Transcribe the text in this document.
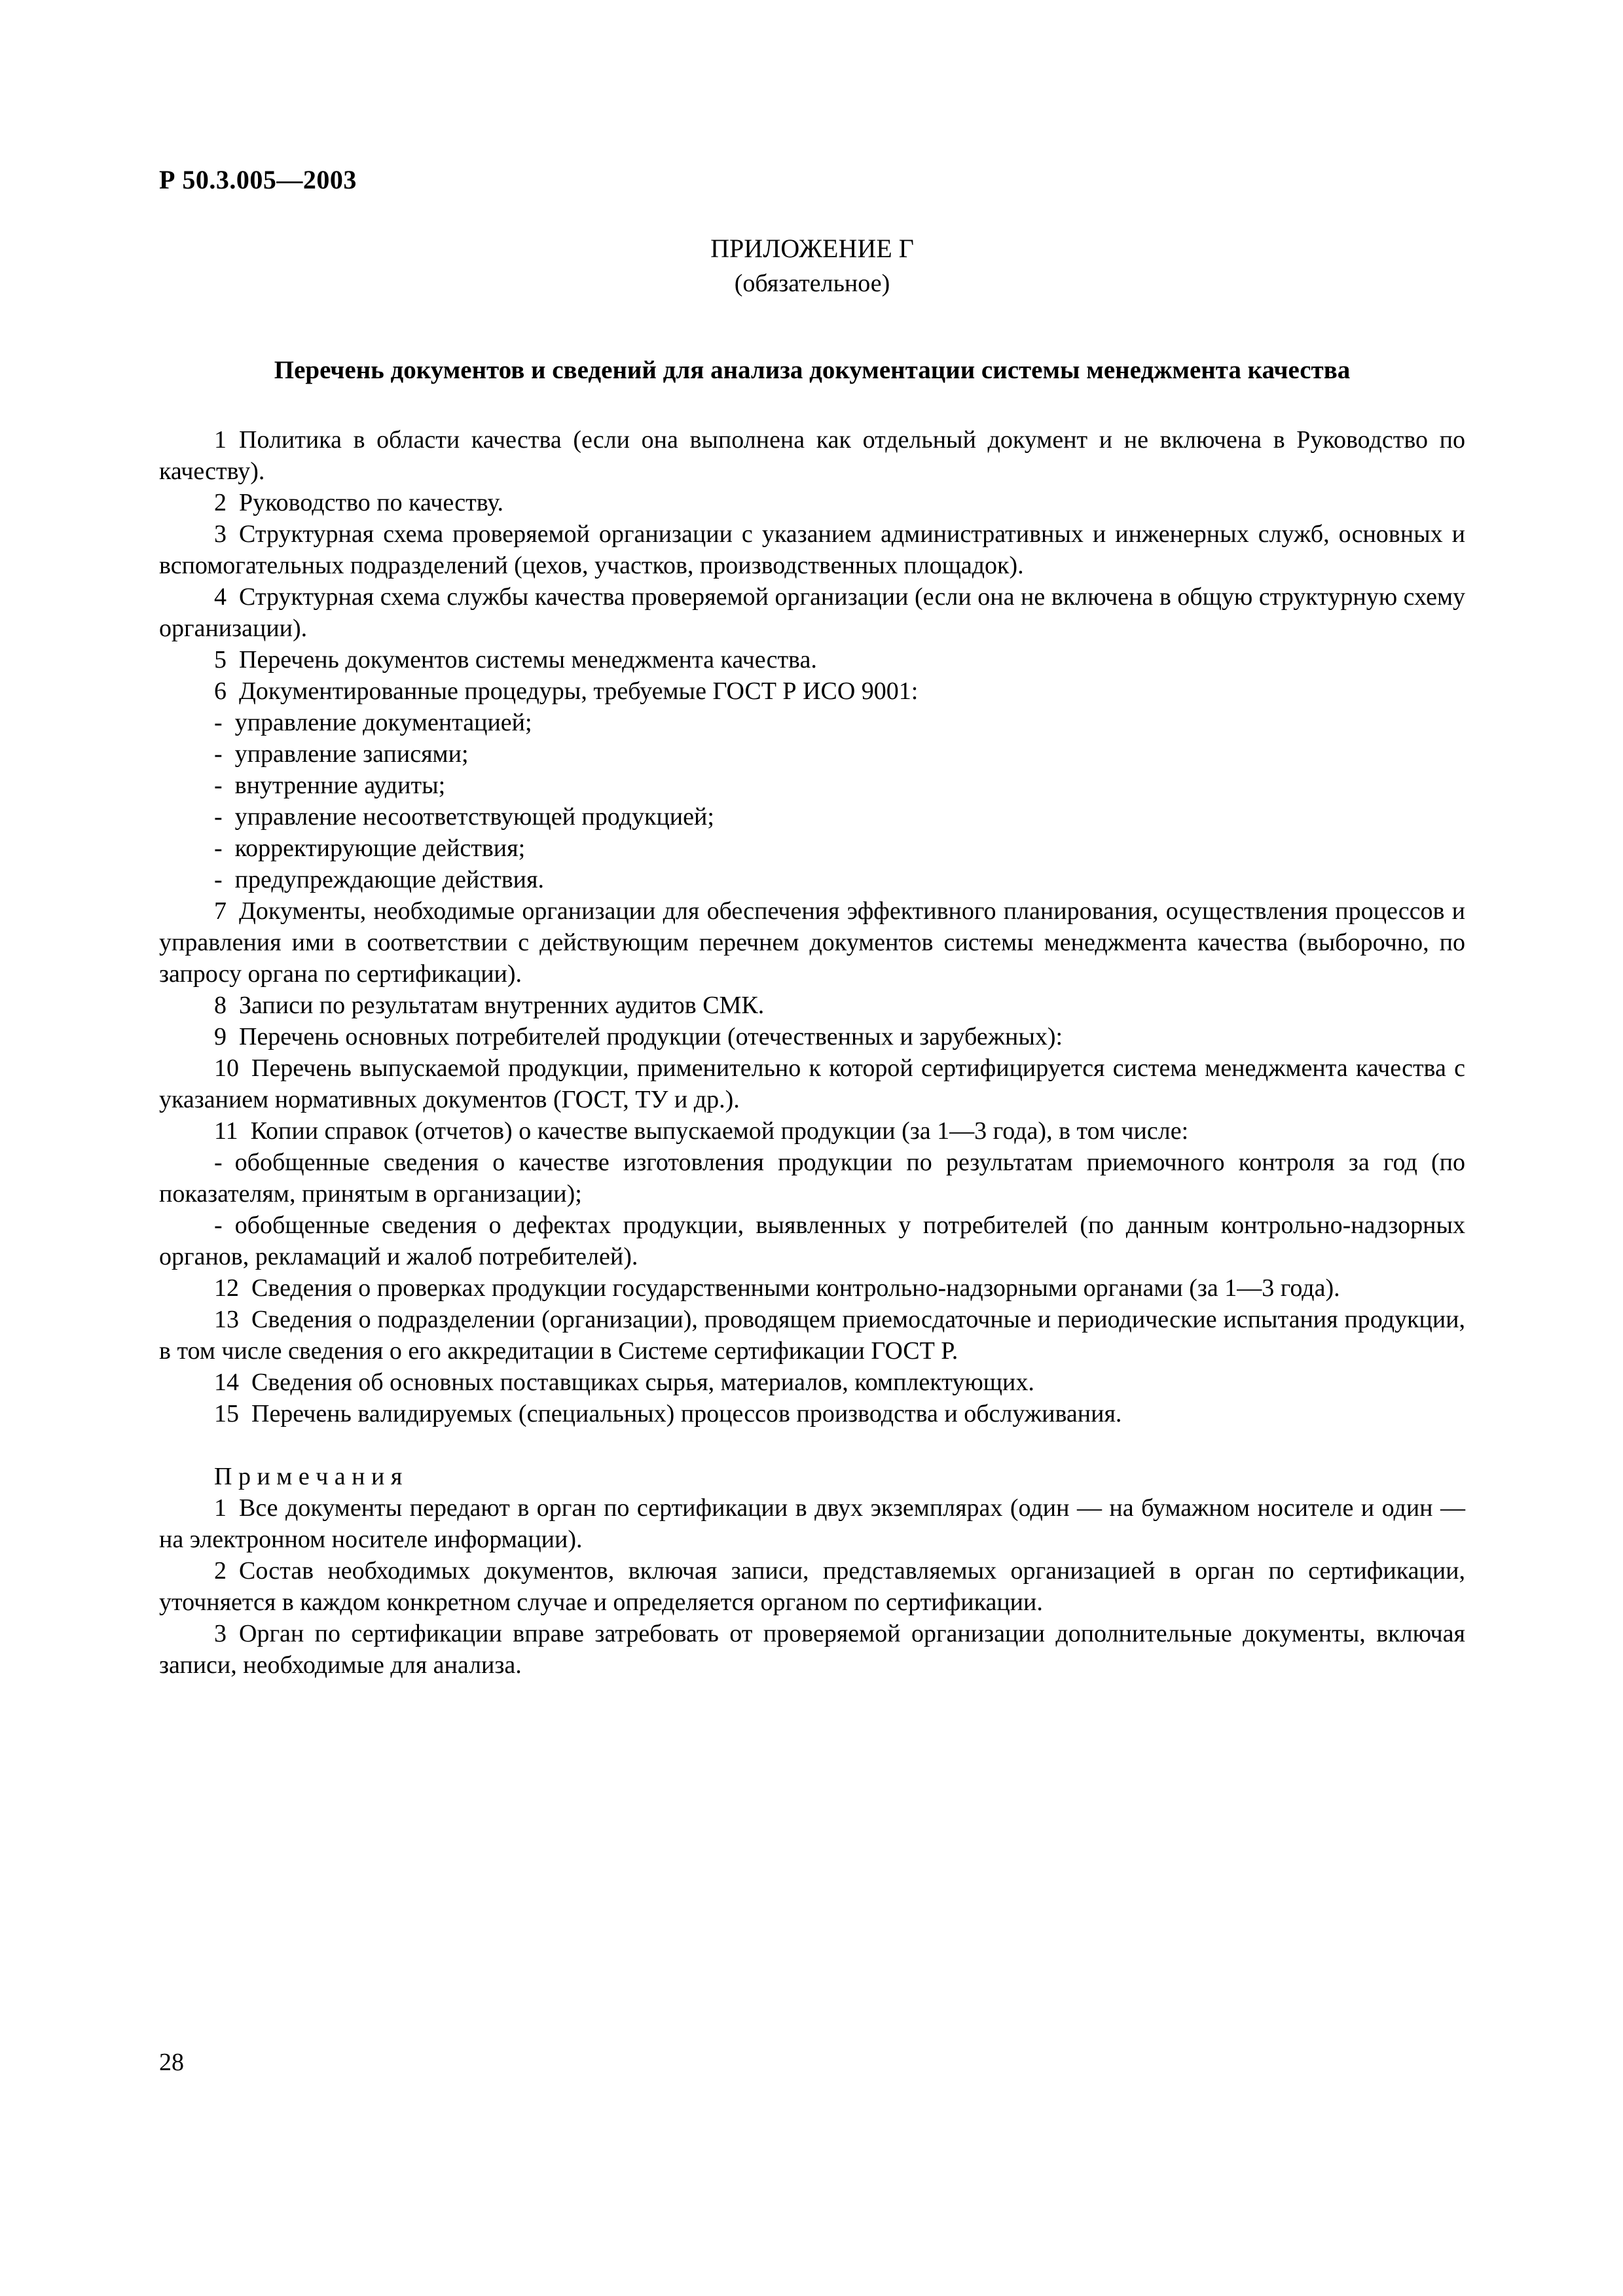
Р 50.3.005—2003
ПРИЛОЖЕНИЕ Г
(обязательное)
Перечень документов и сведений для анализа документации системы менеджмента качества

1 Политика в области качества (если она выполнена как отдельный документ и не включена в Руководство по качеству).

2 Руководство по качеству.

3 Структурная схема проверяемой организации с указанием административных и инженерных служб, основных и вспомогательных подразделений (цехов, участков, производственных площадок).

4 Структурная схема службы качества проверяемой организации (если она не включена в общую структурную схему организации).

5 Перечень документов системы менеджмента качества.

6 Документированные процедуры, требуемые ГОСТ Р ИСО 9001:

- управление документацией;

- управление записями;

- внутренние аудиты;

- управление несоответствующей продукцией;

- корректирующие действия;

- предупреждающие действия.

7 Документы, необходимые организации для обеспечения эффективного планирования, осуществления процессов и управления ими в соответствии с действующим перечнем документов системы менеджмента качества (выборочно, по запросу органа по сертификации).

8 Записи по результатам внутренних аудитов СМК.

9 Перечень основных потребителей продукции (отечественных и зарубежных):

10 Перечень выпускаемой продукции, применительно к которой сертифицируется система менеджмента качества с указанием нормативных документов (ГОСТ, ТУ и др.).

11 Копии справок (отчетов) о качестве выпускаемой продукции (за 1—3 года), в том числе:

- обобщенные сведения о качестве изготовления продукции по результатам приемочного контроля за год (по показателям, принятым в организации);

- обобщенные сведения о дефектах продукции, выявленных у потребителей (по данным контрольно-надзорных органов, рекламаций и жалоб потребителей).

12 Сведения о проверках продукции государственными контрольно-надзорными органами (за 1—3 года).

13 Сведения о подразделении (организации), проводящем приемосдаточные и периодические испытания продукции, в том числе сведения о его аккредитации в Системе сертификации ГОСТ Р.

14 Сведения об основных поставщиках сырья, материалов, комплектующих.

15 Перечень валидируемых (специальных) процессов производства и обслуживания.

П р и м е ч а н и я

1 Все документы передают в орган по сертификации в двух экземплярах (один — на бумажном носителе и один — на электронном носителе информации).

2 Состав необходимых документов, включая записи, представляемых организацией в орган по сертификации, уточняется в каждом конкретном случае и определяется органом по сертификации.

3 Орган по сертификации вправе затребовать от проверяемой организации дополнительные документы, включая записи, необходимые для анализа.

28
